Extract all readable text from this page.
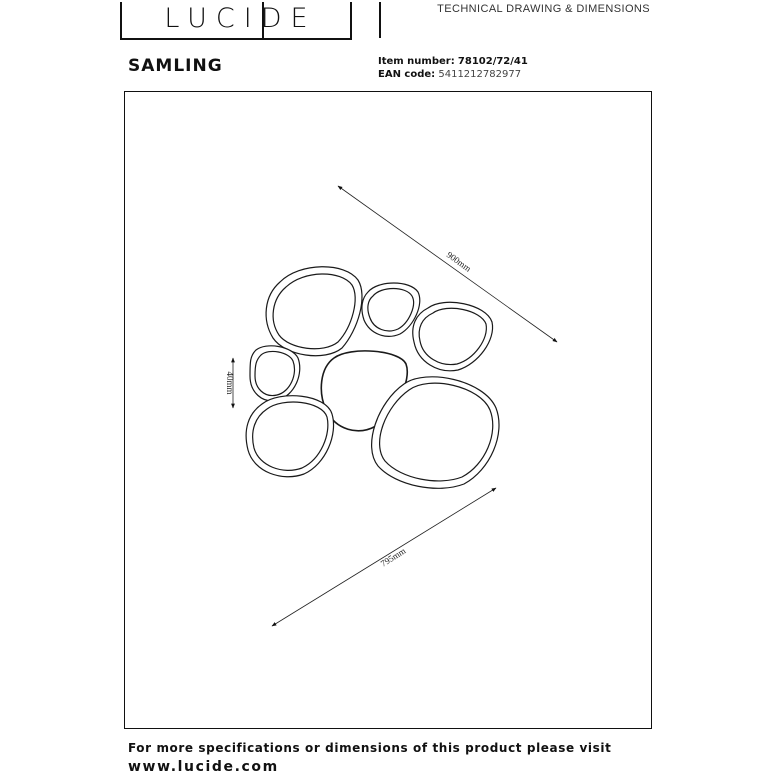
LUCIDE	TECHNICAL DRAWING & DIMENSIONS
SAMLING	Item number: 78102/72/41
EAN code: 5411212782977
900mm
795mm
40mm
For more specifications or dimensions of this product please visit
www.lucide.com
